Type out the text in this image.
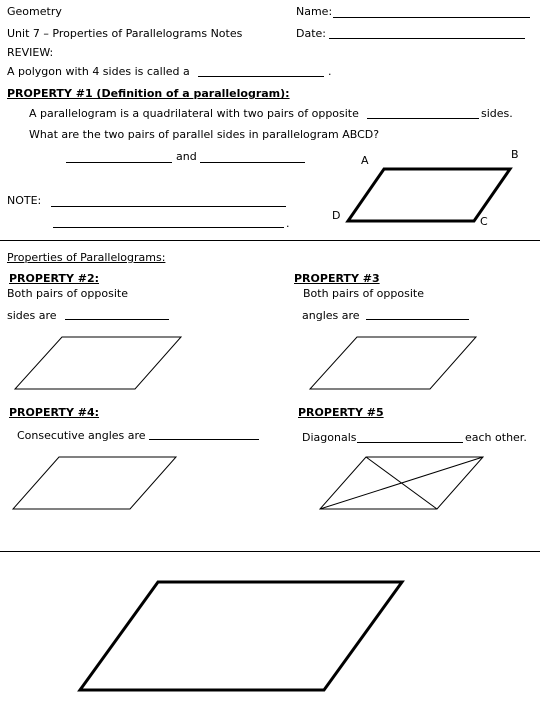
Geometry	Name:
Unit 7 – Properties of Parallelograms Notes	Date:
REVIEW:
A polygon with 4 sides is called a	.
PROPERTY #1 (Definition of a parallelogram):
A parallelogram is a quadrilateral with two pairs of opposite	sides.
What are the two pairs of parallel sides in parallelogram ABCD?
and
NOTE:
.
A	B
C
D
Properties of Parallelograms:
PROPERTY #2:
Both pairs of opposite
sides are
PROPERTY #3
Both pairs of opposite
angles are
PROPERTY #4:
Consecutive angles are
PROPERTY #5
Diagonals	each other.
